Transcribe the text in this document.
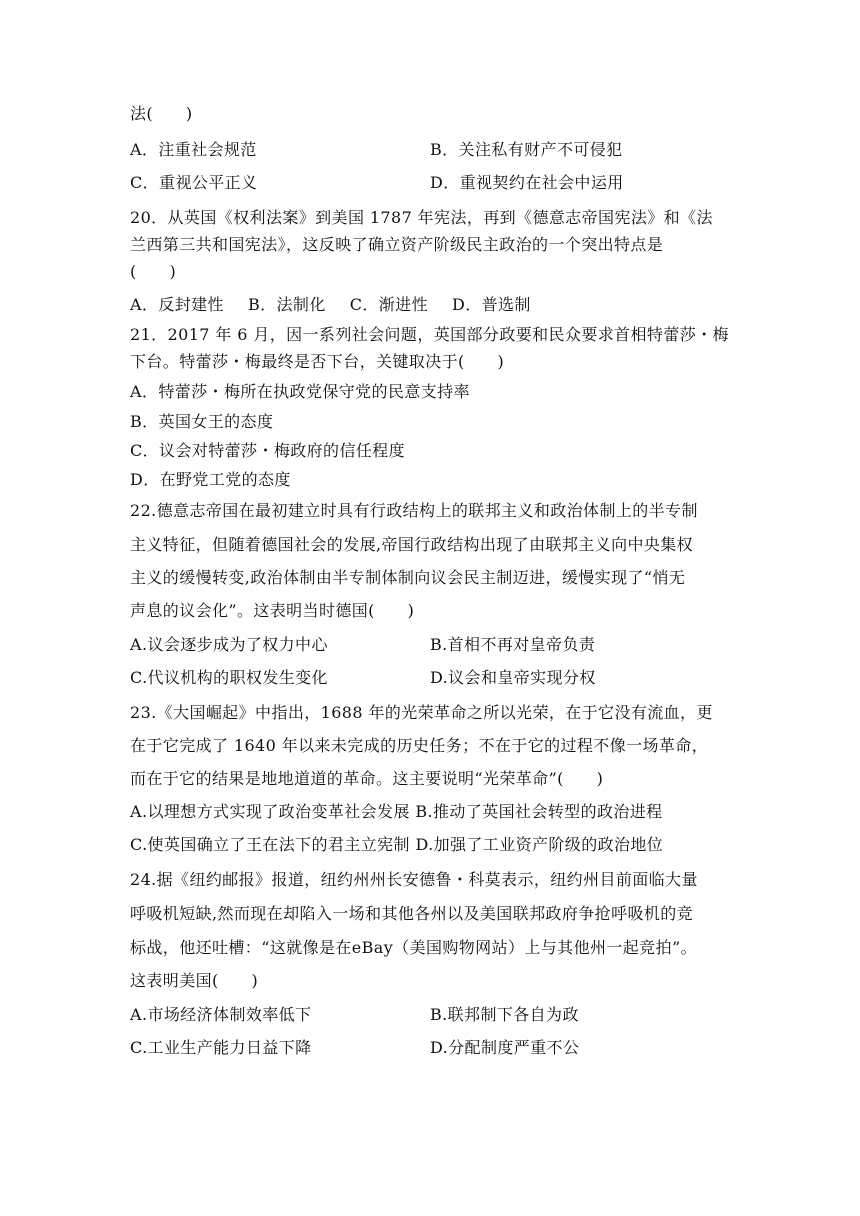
法(　　)
A．注重社会规范	B．关注私有财产不可侵犯
C．重视公平正义	D．重视契约在社会中运用
20．从英国《权利法案》到美国 1787 年宪法，再到《德意志帝国宪法》和《法
兰西第三共和国宪法》，这反映了确立资产阶级民主政治的一个突出特点是
(　　)
A．反封建性 B．法制化 C．渐进性 D．普选制
21．2017 年 6 月，因一系列社会问题，英国部分政要和民众要求首相特蕾莎・梅
下台。特蕾莎・梅最终是否下台，关键取决于(　　)
A．特蕾莎・梅所在执政党保守党的民意支持率
B．英国女王的态度
C．议会对特蕾莎・梅政府的信任程度
D．在野党工党的态度
22.德意志帝国在最初建立时具有行政结构上的联邦主义和政治体制上的半专制
主义特征，但随着德国社会的发展,帝国行政结构出现了由联邦主义向中央集权
主义的缓慢转变,政治体制由半专制体制向议会民主制迈进，缓慢实现了“悄无
声息的议会化”。这表明当时德国(　　)
A.议会逐步成为了权力中心	B.首相不再对皇帝负责
C.代议机构的职权发生变化	D.议会和皇帝实现分权
23.《大国崛起》中指出，1688 年的光荣革命之所以光荣，在于它没有流血，更
在于它完成了 1640 年以来未完成的历史任务；不在于它的过程不像一场革命，
而在于它的结果是地地道道的革命。这主要说明“光荣革命”(　　)
A.以理想方式实现了政治变革社会发展 B.推动了英国社会转型的政治进程
C.使英国确立了王在法下的君主立宪制 D.加强了工业资产阶级的政治地位
24.据《纽约邮报》报道，纽约州州长安德鲁・科莫表示，纽约州目前面临大量
呼吸机短缺,然而现在却陷入一场和其他各州以及美国联邦政府争抢呼吸机的竞
标战，他还吐槽：“这就像是在eBay（美国购物网站）上与其他州一起竞拍”。
这表明美国(　　)
A.市场经济体制效率低下	B.联邦制下各自为政
C.工业生产能力日益下降	D.分配制度严重不公
